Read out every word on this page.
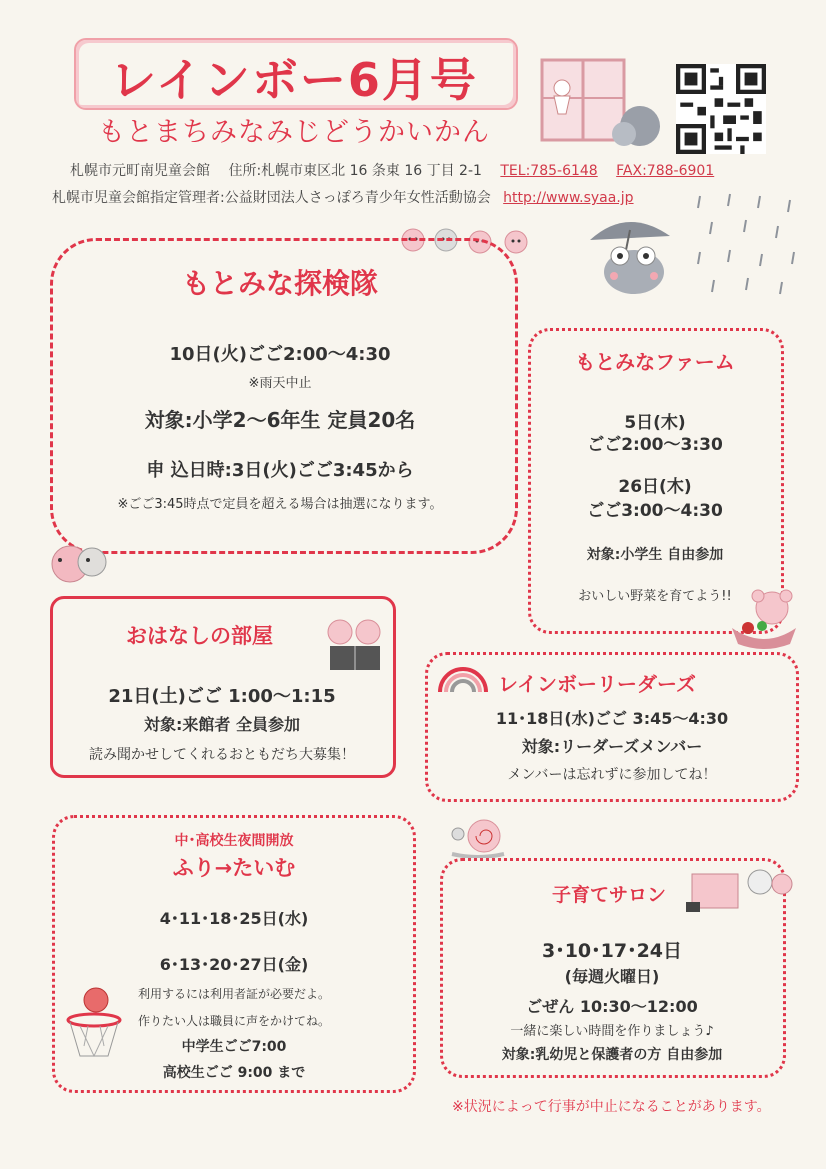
レインボー6月号
もとまちみなみじどうかいかん
札幌市元町南児童会館 住所:札幌市東区北 16 条東 16 丁目 2-1 TEL:785-6148 FAX:788-6901
札幌市児童会館指定管理者:公益財団法人さっぽろ青少年女性活動協会 http://www.syaa.jp
もとみな探検隊
10日(火)ごご2:00～4:30
※雨天中止
対象:小学2～6年生 定員20名
申 込日時:3日(火)ごご3:45から
※ごご3:45時点で定員を超える場合は抽選になります。
もとみなファーム
5日(木)
ごご2:00～3:30
26日(木)
ごご3:00～4:30
対象:小学生 自由参加
おいしい野菜を育てよう!!
おはなしの部屋
21日(土)ごご 1:00～1:15
対象:来館者 全員参加
読み聞かせしてくれるおともだち大募集！
レインボーリーダーズ
11･18日(水)ごご 3:45～4:30
対象:リーダーズメンバー
メンバーは忘れずに参加してね！
中･高校生夜間開放
ふり→たいむ
4･11･18･25日(水)
6･13･20･27日(金)
利用するには利用者証が必要だよ。
作りたい人は職員に声をかけてね。
中学生ごご7:00
高校生ごご 9:00 まで
子育てサロン
3･10･17･24日
(毎週火曜日)
ごぜん 10:30～12:00
一緒に楽しい時間を作りましょう♪
対象:乳幼児と保護者の方 自由参加
※状況によって行事が中止になることがあります。
